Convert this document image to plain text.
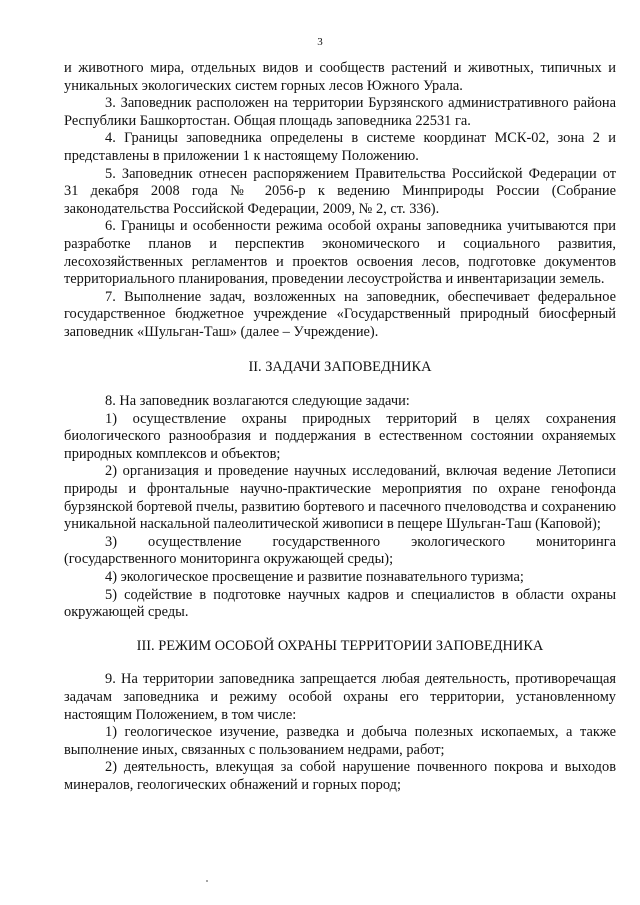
3

и животного мира, отдельных видов и сообществ растений и животных, типичных и уникальных экологических систем горных лесов Южного Урала.

3. Заповедник расположен на территории Бурзянского административного района Республики Башкортостан. Общая площадь заповедника 22531 га.

4. Границы заповедника определены в системе координат МСК-02, зона 2 и представлены в приложении 1 к настоящему Положению.

5. Заповедник отнесен распоряжением Правительства Российской Федерации от 31 декабря 2008 года № 2056-р к ведению Минприроды России (Собрание законодательства Российской Федерации, 2009, № 2, ст. 336).

6. Границы и особенности режима особой охраны заповедника учитываются при разработке планов и перспектив экономического и социального развития, лесохозяйственных регламентов и проектов освоения лесов, подготовке документов территориального планирования, проведении лесоустройства и инвентаризации земель.

7. Выполнение задач, возложенных на заповедник, обеспечивает федеральное государственное бюджетное учреждение «Государственный природный биосферный заповедник «Шульган-Таш» (далее – Учреждение).

II. ЗАДАЧИ ЗАПОВЕДНИКА

8. На заповедник возлагаются следующие задачи:

1) осуществление охраны природных территорий в целях сохранения биологического разнообразия и поддержания в естественном состоянии охраняемых природных комплексов и объектов;

2) организация и проведение научных исследований, включая ведение Летописи природы и фронтальные научно-практические мероприятия по охране генофонда бурзянской бортевой пчелы, развитию бортевого и пасечного пчеловодства и сохранению уникальной наскальной палеолитической живописи в пещере Шульган-Таш (Каповой);

3) осуществление государственного экологического мониторинга (государственного мониторинга окружающей среды);

4) экологическое просвещение и развитие познавательного туризма;

5) содействие в подготовке научных кадров и специалистов в области охраны окружающей среды.

III. РЕЖИМ ОСОБОЙ ОХРАНЫ ТЕРРИТОРИИ ЗАПОВЕДНИКА

9. На территории заповедника запрещается любая деятельность, противоречащая задачам заповедника и режиму особой охраны его территории, установленному настоящим Положением, в том числе:

1) геологическое изучение, разведка и добыча полезных ископаемых, а также выполнение иных, связанных с пользованием недрами, работ;

2) деятельность, влекущая за собой нарушение почвенного покрова и выходов минералов, геологических обнажений и горных пород;
